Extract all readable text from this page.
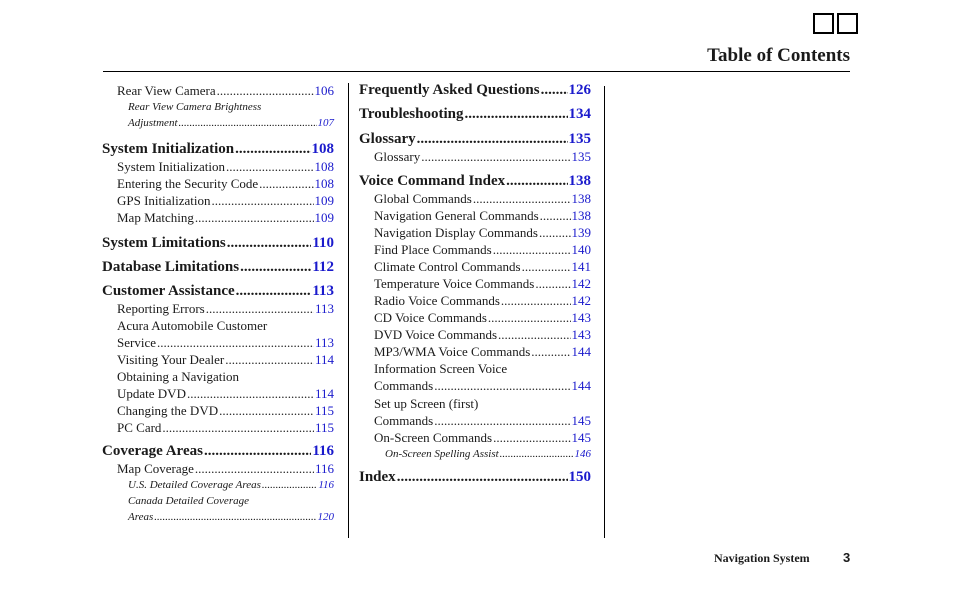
Table of Contents
Rear View Camera .....	106
Rear View Camera Brightness
Adjustment .....	107
System Initialization .....	108
System Initialization .....	108
Entering the Security Code .....	108
GPS Initialization .....	109
Map Matching .....	109
System Limitations .....	110
Database Limitations .....	112
Customer Assistance .....	113
Reporting Errors .....	113
Acura Automobile Customer
Service .....	113
Visiting Your Dealer .....	114
Obtaining a Navigation
Update DVD .....	114
Changing the DVD .....	115
PC Card .....	115
Coverage Areas .....	116
Map Coverage .....	116
U.S. Detailed Coverage Areas .....	116
Canada Detailed Coverage
Areas .....	120
Frequently Asked Questions ..... 126
Troubleshooting .....	134
Glossary .....	135
Glossary .....	135
Voice Command Index .....	138
Global Commands .....	138
Navigation General Commands .....	138
Navigation Display Commands .....	139
Find Place Commands .....	140
Climate Control Commands .....	141
Temperature Voice Commands .....	142
Radio Voice Commands .....	142
CD Voice Commands .....	143
DVD Voice Commands .....	143
MP3/WMA Voice Commands .....	144
Information Screen Voice
Commands .....	144
Set up Screen (first)
Commands .....	145
On-Screen Commands .....	145
On-Screen Spelling Assist .....	146
Index .....	150
Navigation System	3
